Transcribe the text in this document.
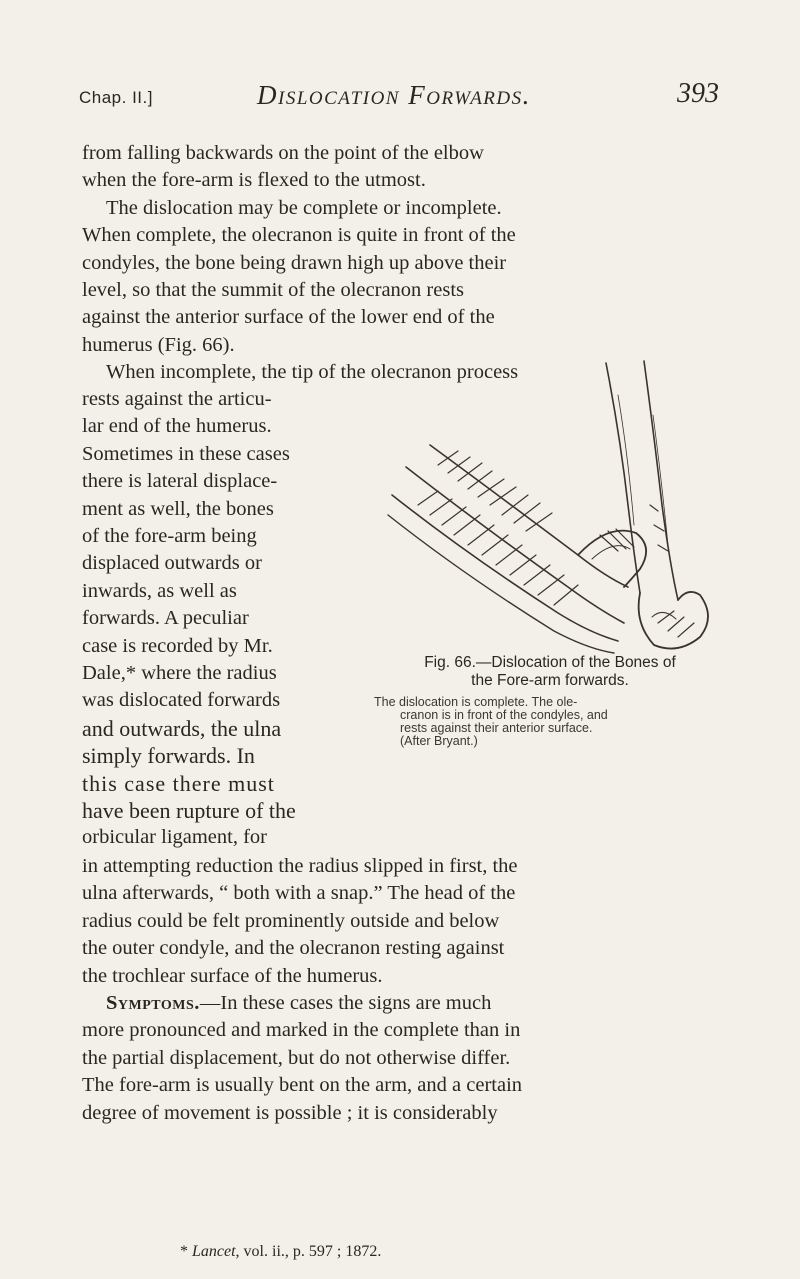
Chap. II.]	Dislocation Forwards.	393
from falling backwards on the point of the elbow
when the fore-arm is flexed to the utmost.
The dislocation may be complete or incomplete.
When complete, the olecranon is quite in front of the
condyles, the bone being drawn high up above their
level, so that the summit of the olecranon rests
against the anterior surface of the lower end of the
humerus (Fig. 66).
When incomplete, the tip of the olecranon process
rests against the articu-
lar end of the humerus.
Sometimes in these cases
there is lateral displace-
ment as well, the bones
of the fore-arm being
displaced outwards or
inwards, as well as
forwards. A peculiar
case is recorded by Mr.
Dale,* where the radius
was dislocated forwards
and outwards, the ulna
simply forwards. In
this case there must
have been rupture of the
orbicular ligament, for
Fig. 66.—Dislocation of the Bones of
the Fore-arm forwards.
The dislocation is complete. The ole-
cranon is in front of the condyles, and
rests against their anterior surface.
(After Bryant.)
in attempting reduction the radius slipped in first, the
ulna afterwards, “ both with a snap.” The head of the
radius could be felt prominently outside and below
the outer condyle, and the olecranon resting against
the trochlear surface of the humerus.
Symptoms.—In these cases the signs are much
more pronounced and marked in the complete than in
the partial displacement, but do not otherwise differ.
The fore-arm is usually bent on the arm, and a certain
degree of movement is possible ; it is considerably
* Lancet, vol. ii., p. 597 ; 1872.
